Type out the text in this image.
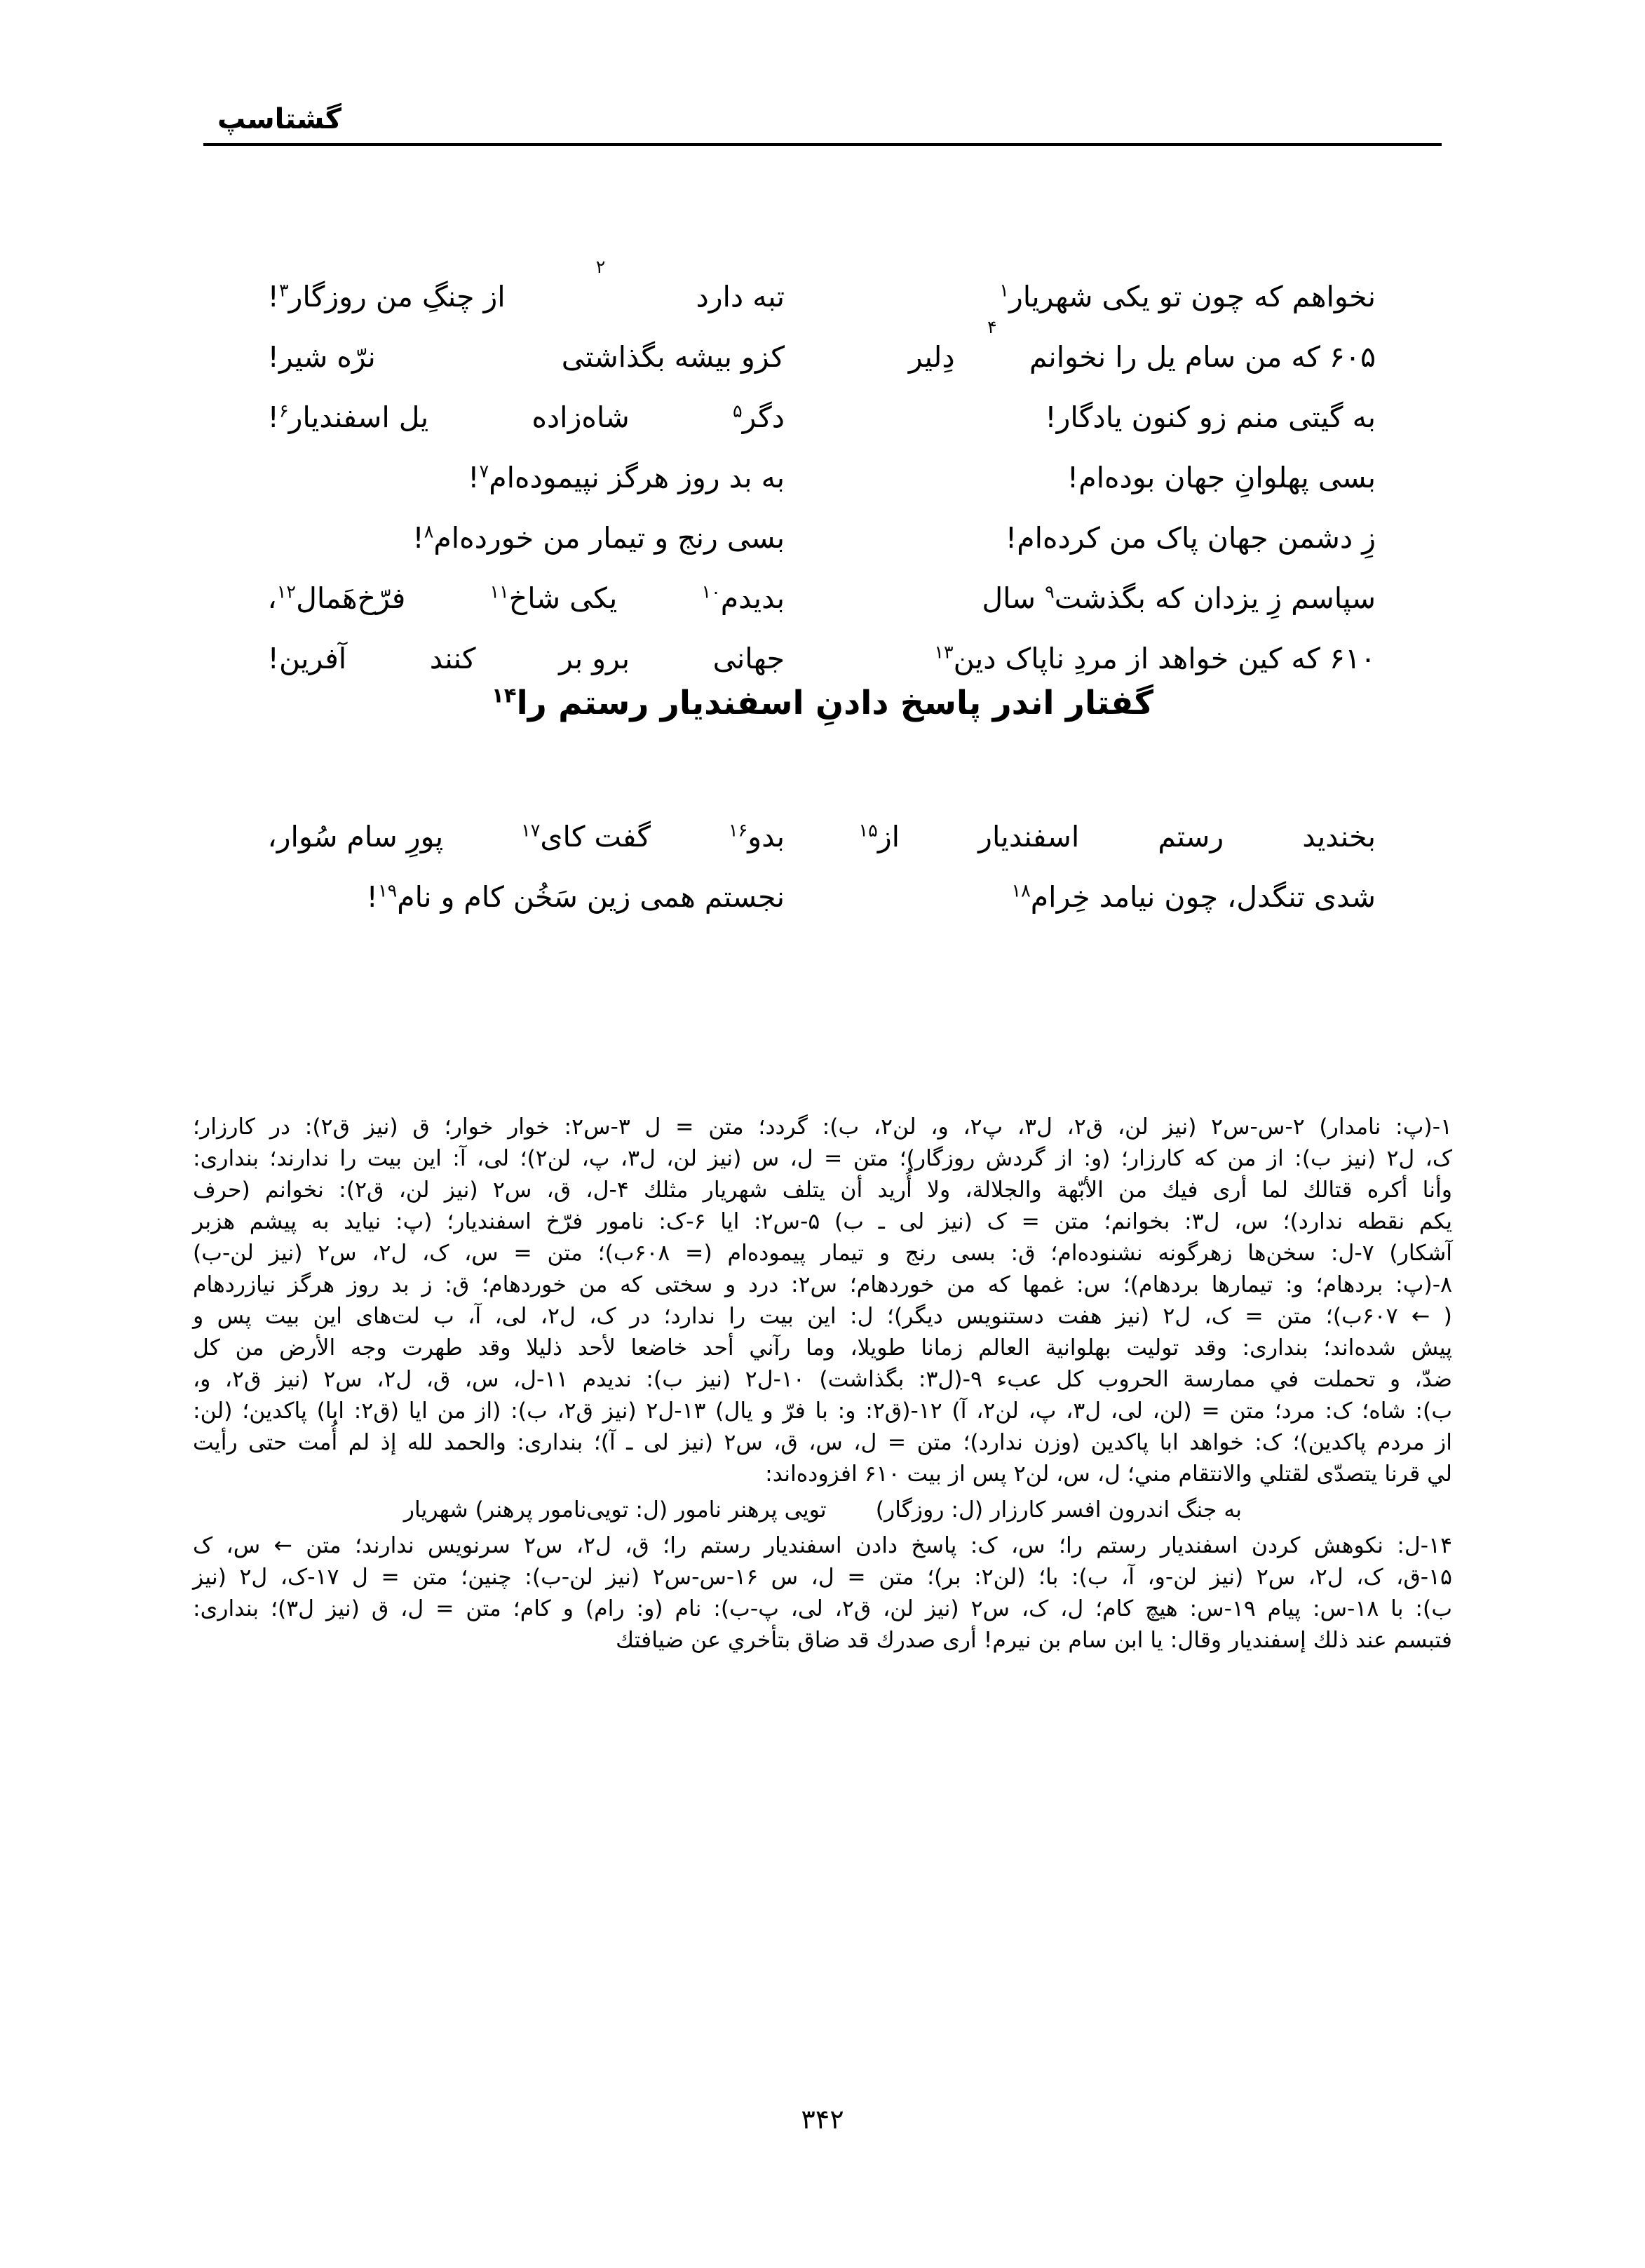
گشتاسپ
نخواهم که چون تو یکی شهریار$^۱$
تبه دارد
۲
از چنگِ من روزگار$^۳$!
۶۰۵ که من سام یل را نخوانم
۴
دِلیر
کزو بیشه بگذاشتی
نرّه شیر!
به گیتی منم زو کنون یادگار!
دگر$^۵$
شاه‌زاده
یل اسفندیار$^۶$!
بسی پهلوانِ جهان بوده‌ام!
به بد روز هرگز نپیموده‌ام$^۷$!
زِ دشمن جهان پاک من کرده‌ام!
بسی رنج و تیمار من خورده‌ام$^۸$!
سپاسم زِ یزدان که بگذشت$^۹$ سال
بدیدم$^{۱۰}$
یکی شاخ$^{۱۱}$
فرّخ‌هَمال$^{۱۲}$،
۶۱۰ که کین خواهد از مردِ ناپاک دین$^{۱۳}$
جهانی
برو بر
کنند
آفرین!
گفتار اندر پاسخ دادنِ اسفندیار رستم را$^{۱۴}$
بخندید
رستم
اسفندیار
از$^{۱۵}$
بدو$^{۱۶}$
گفت کای$^{۱۷}$
پورِ سام سُوار،
شدی تنگدل، چون نیامد خِرام$^{۱۸}$
نجستم همی زین سَخُن کام و نام$^{۱۹}$!

۱-(پ: نامدار) ۲-س-س۲ (نیز لن، ق۲، ل۳، پ۲، و، لن۲، ب): گردد؛ متن = ل ۳-س۲: خوار خوار؛ ق (نیز ق۲): در کارزار؛

ک، ل۲ (نیز ب): از من که کارزار؛ (و: از گردش روزگار)؛ متن = ل، س (نیز لن، ل۳، پ، لن۲)؛ لی، آ: این بیت را ندارند؛ بنداری:

وأنا أكره قتالك لما أرى فيك من الأبّهة والجلالة، ولا أُريد أن يتلف شهريار مثلك ۴-ل، ق، س۲ (نیز لن، ق۲): نخوانم (حرف

یکم نقطه ندارد)؛ س، ل۳: بخوانم؛ متن = ک (نیز لی ـ ب) ۵-س۲: ایا ۶-ک: نامور فرّخ اسفندیار؛ (پ: نیاید به پیشم هزبر

آشکار) ۷-ل: سخن‌ها زهرگونه نشنوده‌ام؛ ق: بسی رنج و تیمار پیموده‌ام (= ۶۰۸ب)؛ متن = س، ک، ل۲، س۲ (نیز لن-ب)

۸-(پ: بردهام؛ و: تیمارها بردهام)؛ س: غمها که من خوردهام؛ س۲: درد و سختی که من خوردهام؛ ق: ز بد روز هرگز نیازردهام

( ← ۶۰۷ب)؛ متن = ک، ل۲ (نیز هفت دستنویس دیگر)؛ ل: این بیت را ندارد؛ در ک، ل۲، لی، آ، ب لت‌های این بیت پس و

پیش شده‌اند؛ بنداری: وقد توليت بهلوانية العالم زمانا طويلا، وما رآني أحد خاضعا لأحد ذليلا وقد طهرت وجه الأرض من كل

ضدّ، و تحملت في ممارسة الحروب كل عبء ۹-(ل۳: بگذاشت) ۱۰-ل۲ (نیز ب): ندیدم ۱۱-ل، س، ق، ل۲، س۲ (نیز ق۲، و،

ب): شاه؛ ک: مرد؛ متن = (لن، لی، ل۳، پ، لن۲، آ) ۱۲-(ق۲: و: با فرّ و یال) ۱۳-ل۲ (نیز ق۲، ب): (از من ایا (ق۲: ابا) پاکدین؛ (لن:

از مردم پاکدین)؛ ک: خواهد ابا پاکدین (وزن ندارد)؛ متن = ل، س، ق، س۲ (نیز لی ـ آ)؛ بنداری: والحمد لله إذ لم أُمت حتى رأيت

لي قرنا يتصدّى لقتلي والانتقام مني؛ ل، س، لن۲ پس از بیت ۶۱۰ افزوده‌اند:

به جنگ اندرون افسر کارزار (ل: روزگار)
تویی پرهنر نامور (ل: تویی‌نامور پرهنر) شهریار

۱۴-ل: نکوهش کردن اسفندیار رستم را؛ س، ک: پاسخ دادن اسفندیار رستم را؛ ق، ل۲، س۲ سرنویس ندارند؛ متن ← س، ک

۱۵-ق، ک، ل۲، س۲ (نیز لن-و، آ، ب): با؛ (لن۲: بر)؛ متن = ل، س ۱۶-س-س۲ (نیز لن-ب): چنین؛ متن = ل ۱۷-ک، ل۲ (نیز

ب): با ۱۸-س: پیام ۱۹-س: هیچ کام؛ ل، ک، س۲ (نیز لن، ق۲، لی، پ-ب): نام (و: رام) و کام؛ متن = ل، ق (نیز ل۳)؛ بنداری:

فتبسم عند ذلك إسفنديار وقال: يا ابن سام بن نيرم! أرى صدرك قد ضاق بتأخري عن ضيافتك

۳۴۲
